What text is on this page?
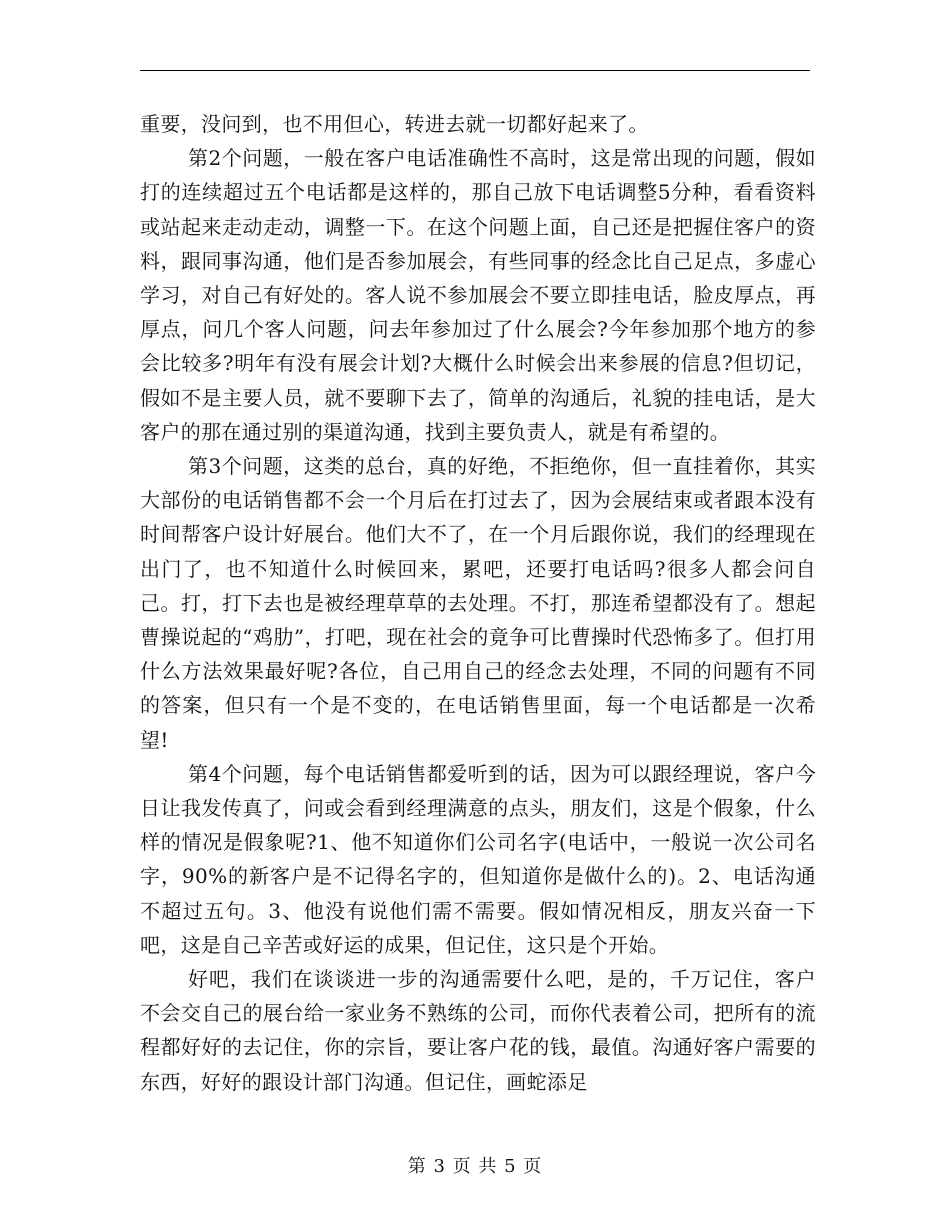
重要，没问到，也不用但心，转进去就一切都好起来了。

第2个问题，一般在客户电话准确性不高时，这是常出现的问题，假如打的连续超过五个电话都是这样的，那自己放下电话调整5分种，看看资料或站起来走动走动，调整一下。在这个问题上面，自己还是把握住客户的资料，跟同事沟通，他们是否参加展会，有些同事的经念比自己足点，多虚心学习，对自己有好处的。客人说不参加展会不要立即挂电话，脸皮厚点，再厚点，问几个客人问题，问去年参加过了什么展会?今年参加那个地方的参会比较多?明年有没有展会计划?大概什么时候会出来参展的信息?但切记，假如不是主要人员，就不要聊下去了，简单的沟通后，礼貌的挂电话，是大客户的那在通过别的渠道沟通，找到主要负责人，就是有希望的。

第3个问题，这类的总台，真的好绝，不拒绝你，但一直挂着你，其实大部份的电话销售都不会一个月后在打过去了，因为会展结束或者跟本没有时间帮客户设计好展台。他们大不了，在一个月后跟你说，我们的经理现在出门了，也不知道什么时候回来，累吧，还要打电话吗?很多人都会问自己。打，打下去也是被经理草草的去处理。不打，那连希望都没有了。想起曹操说起的“鸡肋”，打吧，现在社会的竟争可比曹操时代恐怖多了。但打用什么方法效果最好呢?各位，自己用自己的经念去处理，不同的问题有不同的答案，但只有一个是不变的，在电话销售里面，每一个电话都是一次希望!

第4个问题，每个电话销售都爱听到的话，因为可以跟经理说，客户今日让我发传真了，问或会看到经理满意的点头，朋友们，这是个假象，什么样的情况是假象呢?1、他不知道你们公司名字(电话中，一般说一次公司名字，90%的新客户是不记得名字的，但知道你是做什么的)。2、电话沟通不超过五句。3、他没有说他们需不需要。假如情况相反，朋友兴奋一下吧，这是自己辛苦或好运的成果，但记住，这只是个开始。

好吧，我们在谈谈进一步的沟通需要什么吧，是的，千万记住，客户不会交自己的展台给一家业务不熟练的公司，而你代表着公司，把所有的流程都好好的去记住，你的宗旨，要让客户花的钱，最值。沟通好客户需要的东西，好好的跟设计部门沟通。但记住，画蛇添足

第 3 页 共 5 页
